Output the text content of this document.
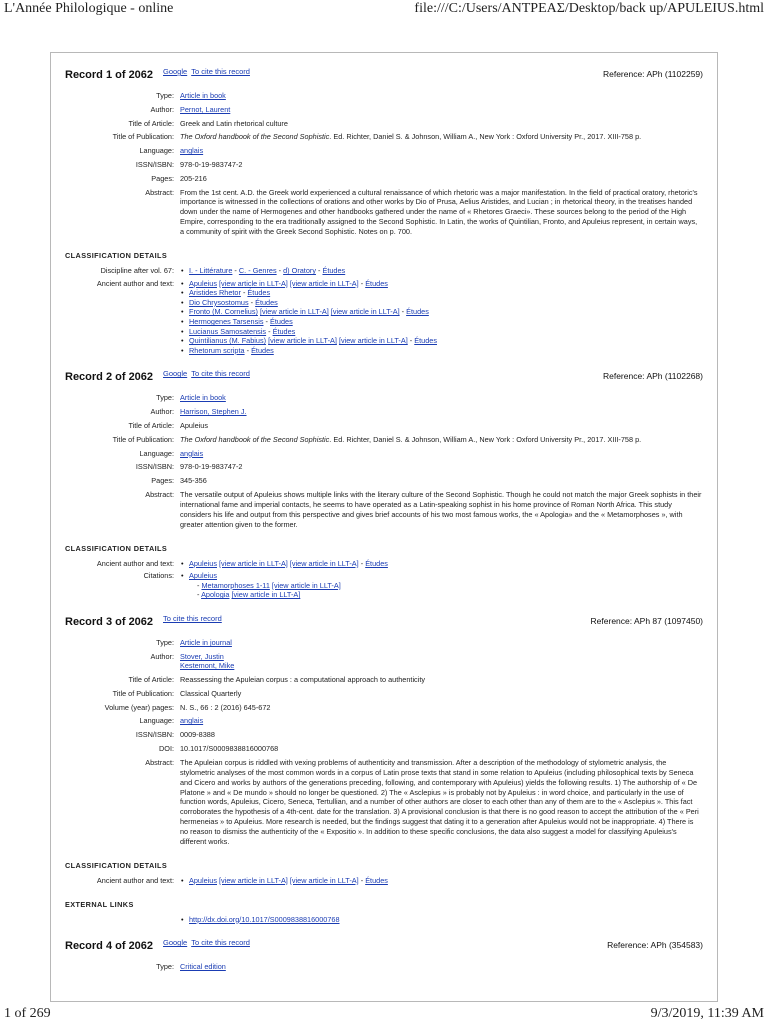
L'Année Philologique - online	file:///C:/Users/ΑΝΤΡΕΑΣ/Desktop/back up/APULEIUS.html
Record 1 of 2062 Google To cite this record	Reference: APh (1102259)
Type: Article in book
Author: Pernot, Laurent
Title of Article: Greek and Latin rhetorical culture
Title of Publication: The Oxford handbook of the Second Sophistic. Ed. Richter, Daniel S. & Johnson, William A., New York : Oxford University Pr., 2017. XIII-758 p.
Language: anglais
ISSN/ISBN: 978-0-19-983747-2
Pages: 205-216
Abstract: From the 1st cent. A.D. the Greek world experienced a cultural renaissance of which rhetoric was a major manifestation. In the field of practical oratory, rhetoric's importance is witnessed in the collections of orations and other works by Dio of Prusa, Aelius Aristides, and Lucian ; in rhetorical theory, in the treatises handed down under the name of Hermogenes and other handbooks gathered under the name of « Rhetores Graeci». These sources belong to the period of the High Empire, corresponding to the era traditionally assigned to the Second Sophistic. In Latin, the works of Quintilian, Fronto, and Apuleius represent, in certain ways, a community of spirit with the Greek Second Sophistic. Notes on p. 700.
CLASSIFICATION DETAILS
Discipline after vol. 67:	• I. - Littérature - C. - Genres - d) Oratory - Études
Ancient author and text:	• Apuleius [view article in LLT-A] [view article in LLT-A] - Études
• Aristides Rhetor - Études
• Dio Chrysostomus - Études
• Fronto (M. Cornelius) [view article in LLT-A] [view article in LLT-A] - Études
• Hermogenes Tarsensis - Études
• Lucianus Samosatensis - Études
• Quintilianus (M. Fabius) [view article in LLT-A] [view article in LLT-A] - Études
• Rhetorum scripta - Études
Record 2 of 2062 Google To cite this record	Reference: APh (1102268)
Type: Article in book
Author: Harrison, Stephen J.
Title of Article: Apuleius
Title of Publication: The Oxford handbook of the Second Sophistic. Ed. Richter, Daniel S. & Johnson, William A., New York : Oxford University Pr., 2017. XIII-758 p.
Language: anglais
ISSN/ISBN: 978-0-19-983747-2
Pages: 345-356
Abstract: The versatile output of Apuleius shows multiple links with the literary culture of the Second Sophistic. Though he could not match the major Greek sophists in their international fame and imperial contacts, he seems to have operated as a Latin-speaking sophist in his home province of Roman North Africa. This study considers his life and output from this perspective and gives brief accounts of his two most famous works, the « Apologia» and the « Metamorphoses », with greater attention given to the former.
CLASSIFICATION DETAILS
Ancient author and text:	• Apuleius [view article in LLT-A] [view article in LLT-A] - Études
Citations:	• Apuleius
- Metamorphoses 1-11 [view article in LLT-A]
- Apologia [view article in LLT-A]
Record 3 of 2062 To cite this record	Reference: APh 87 (1097450)
Type: Article in journal
Author: Stover, Justin
Kestemont, Mike
Title of Article: Reassessing the Apuleian corpus : a computational approach to authenticity
Title of Publication: Classical Quarterly
Volume (year) pages: N. S., 66 : 2 (2016) 645-672
Language: anglais
ISSN/ISBN: 0009-8388
DOI: 10.1017/S0009838816000768
Abstract: The Apuleian corpus is riddled with vexing problems of authenticity and transmission. After a description of the methodology of stylometric analysis, the stylometric analyses of the most common words in a corpus of Latin prose texts that stand in some relation to Apuleius (including philosophical texts by Seneca and Cicero and works by authors of the generations preceding, following, and contemporary with Apuleius) yields the following results. 1) The authorship of « De Platone » and « De mundo » should no longer be questioned. 2) The « Asclepius » is probably not by Apuleius : in word choice, and particularly in the use of function words, Apuleius, Cicero, Seneca, Tertullian, and a number of other authors are closer to each other than any of them are to the « Asclepius ». This fact corroborates the hypothesis of a 4th-cent. date for the translation. 3) A provisional conclusion is that there is no good reason to accept the attribution of the « Peri hermeneias » to Apuleius. More research is needed, but the findings suggest that dating it to a generation after Apuleius would not be inappropriate. 4) There is no reason to dismiss the authenticity of the « Expositio ». In addition to these specific conclusions, the data also suggest a model for classifying Apuleius's different works.
CLASSIFICATION DETAILS
Ancient author and text:	• Apuleius [view article in LLT-A] [view article in LLT-A] - Études
EXTERNAL LINKS
• http://dx.doi.org/10.1017/S0009838816000768
Record 4 of 2062 Google To cite this record	Reference: APh (354583)
Type: Critical edition
1 of 269	9/3/2019, 11:39 AM
